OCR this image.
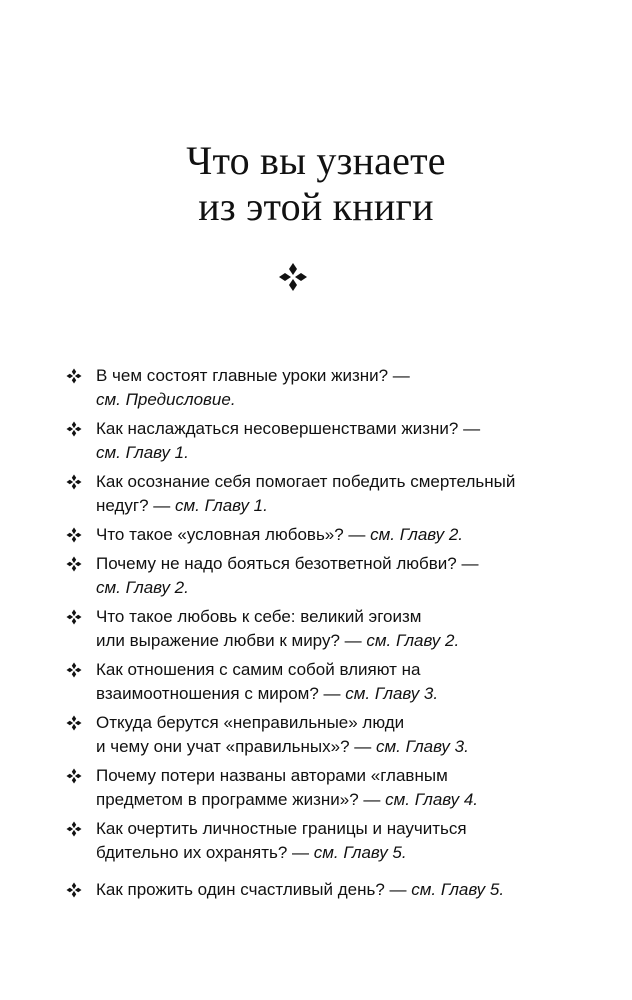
Что вы узнаете
из этой книги
В чем состоят главные уроки жизни? —
см. Предисловие.
Как наслаждаться несовершенствами жизни? —
см. Главу 1.
Как осознание себя помогает победить смертельный
недуг? — см. Главу 1.
Что такое «условная любовь»? — см. Главу 2.
Почему не надо бояться безответной любви? —
см. Главу 2.
Что такое любовь к себе: великий эгоизм
или выражение любви к миру? — см. Главу 2.
Как отношения с самим собой влияют на
взаимоотношения с миром? — см. Главу 3.
Откуда берутся «неправильные» люди
и чему они учат «правильных»? — см. Главу 3.
Почему потери названы авторами «главным
предметом в программе жизни»? — см. Главу 4.
Как очертить личностные границы и научиться
бдительно их охранять? — см. Главу 5.
Как прожить один счастливый день? — см. Главу 5.
